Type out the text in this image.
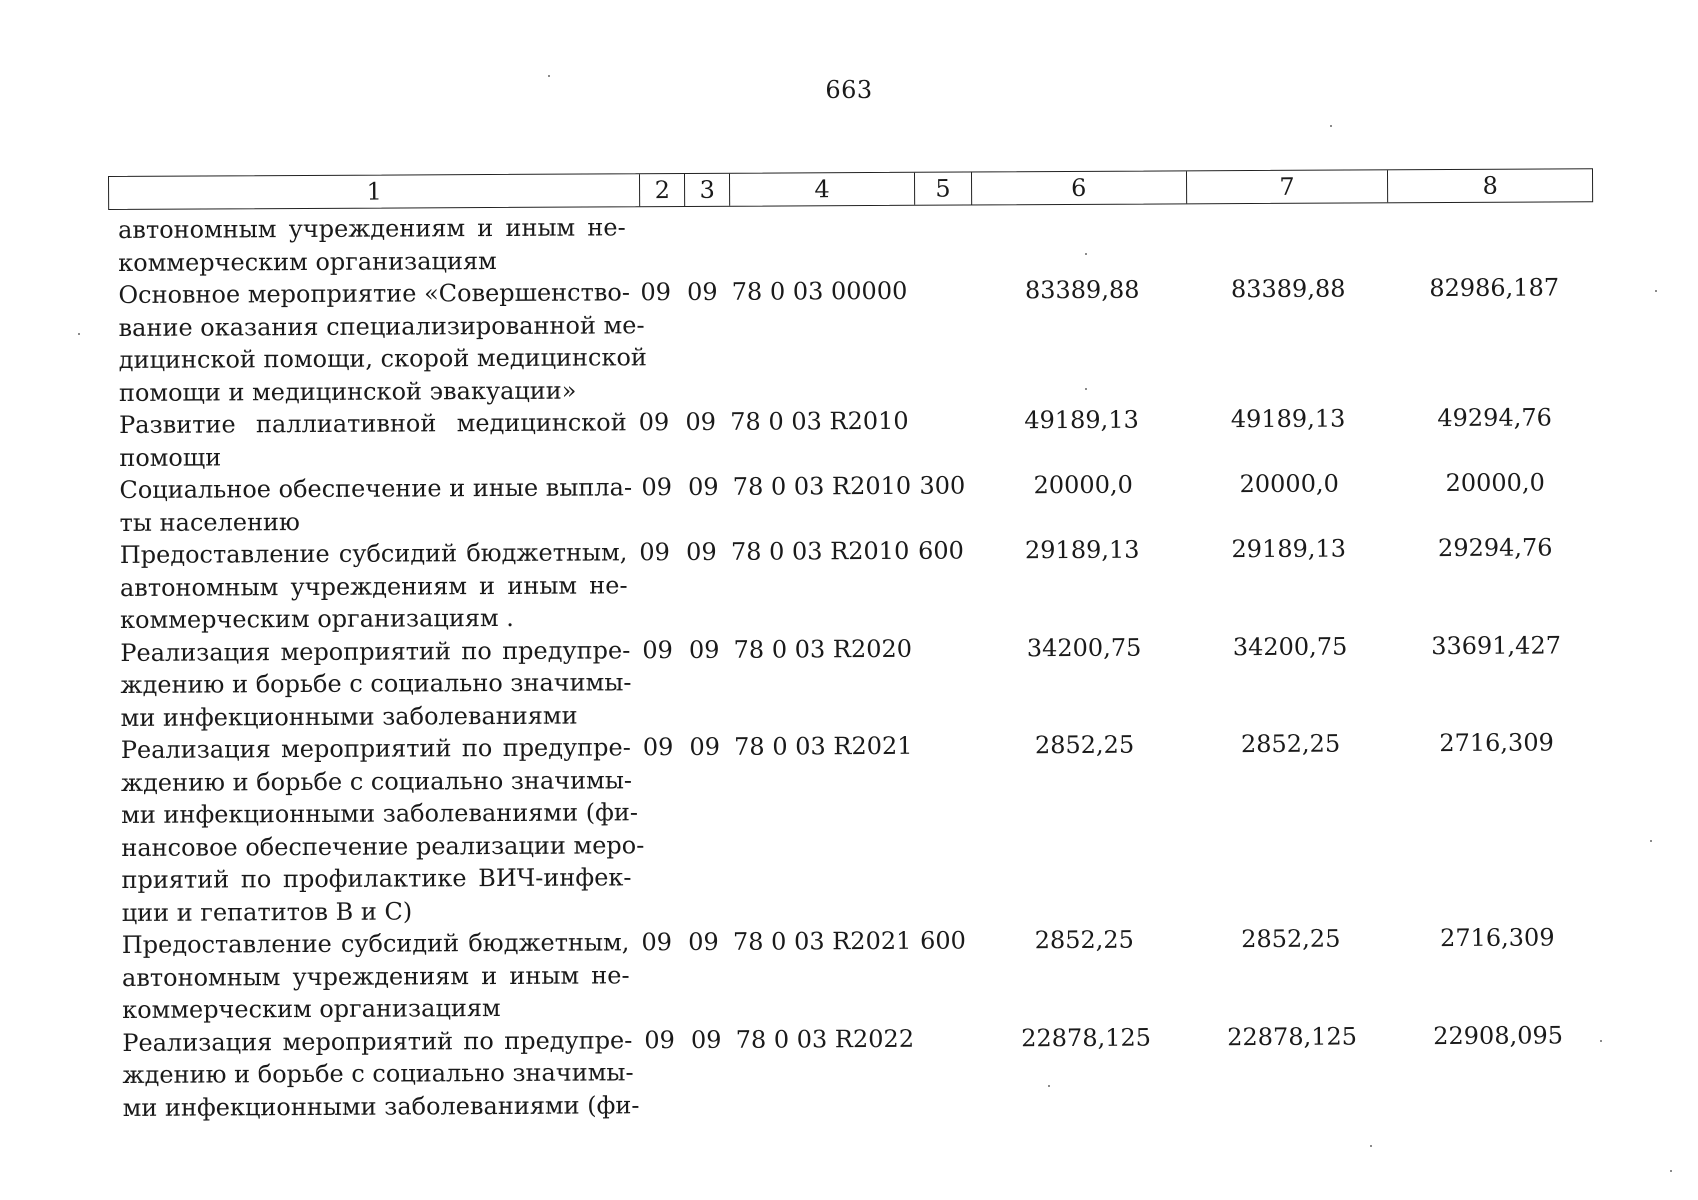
663
1	2	3	4	5	6	7	8
автономным учреждениям и иным не-
коммерческим организациям
Основное мероприятие «Совершенство-
вание оказания специализированной ме-
дицинской помощи, скорой медицинской
помощи и медицинской эвакуации»
09 09 78 0 03 00000	83389,88	83389,88	82986,187
Развитие паллиативной медицинской
помощи
09 09 78 0 03 R2010	49189,13	49189,13	49294,76
Социальное обеспечение и иные выпла-
ты населению
09 09 78 0 03 R2010 300	20000,0	20000,0	20000,0
Предоставление субсидий бюджетным,
автономным учреждениям и иным не-
коммерческим организациям .
09 09 78 0 03 R2010 600	29189,13	29189,13	29294,76
Реализация мероприятий по предупре-
ждению и борьбе с социально значимы-
ми инфекционными заболеваниями
09 09 78 0 03 R2020	34200,75	34200,75	33691,427
Реализация мероприятий по предупре-
ждению и борьбе с социально значимы-
ми инфекционными заболеваниями (фи-
нансовое обеспечение реализации меро-
приятий по профилактике ВИЧ-инфек-
ции и гепатитов В и С)
09 09 78 0 03 R2021	2852,25	2852,25	2716,309
Предоставление субсидий бюджетным,
автономным учреждениям и иным не-
коммерческим организациям
09 09 78 0 03 R2021 600	2852,25	2852,25	2716,309
Реализация мероприятий по предупре-
ждению и борьбе с социально значимы-
ми инфекционными заболеваниями (фи-
09 09 78 0 03 R2022	22878,125	22878,125	22908,095
